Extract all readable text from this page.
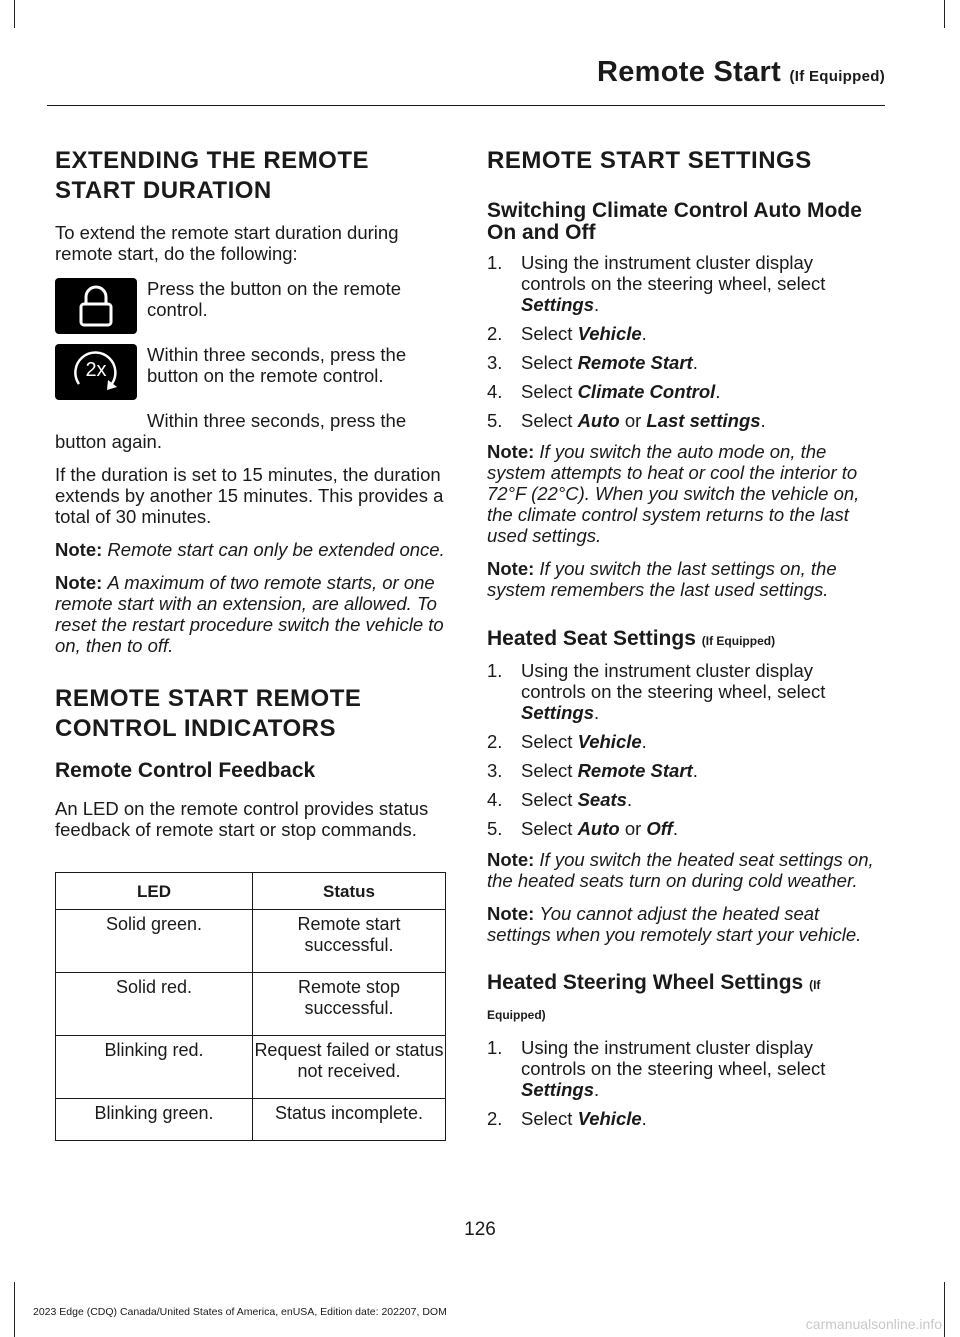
Remote Start (If Equipped)
EXTENDING THE REMOTE
START DURATION

To extend the remote start duration during remote start, do the following:

Press the button on the remote control.

2x

Within three seconds, press the button on the remote control.

Within three seconds, press the button again.

If the duration is set to 15 minutes, the duration extends by another 15 minutes. This provides a total of 30 minutes.

Note: Remote start can only be extended once.

Note: A maximum of two remote starts, or one remote start with an extension, are allowed. To reset the restart procedure switch the vehicle to on, then to off.

REMOTE START REMOTE
CONTROL INDICATORS
Remote Control Feedback

An LED on the remote control provides status feedback of remote start or stop commands.

LED	Status
Solid green.	Remote start successful.
Solid red.	Remote stop successful.
Blinking red.	Request failed or status not received.
Blinking green.	Status incomplete.
REMOTE START SETTINGS
Switching Climate Control Auto Mode On and Off
1. Using the instrument cluster display controls on the steering wheel, select Settings.
2. Select Vehicle.
3. Select Remote Start.
4. Select Climate Control.
5. Select Auto or Last settings.

Note: If you switch the auto mode on, the system attempts to heat or cool the interior to 72°F (22°C). When you switch the vehicle on, the climate control system returns to the last used settings.

Note: If you switch the last settings on, the system remembers the last used settings.

Heated Seat Settings (If Equipped)
1. Using the instrument cluster display controls on the steering wheel, select Settings.
2. Select Vehicle.
3. Select Remote Start.
4. Select Seats.
5. Select Auto or Off.

Note: If you switch the heated seat settings on, the heated seats turn on during cold weather.

Note: You cannot adjust the heated seat settings when you remotely start your vehicle.

Heated Steering Wheel Settings (If
Equipped)
1. Using the instrument cluster display controls on the steering wheel, select Settings.
2. Select Vehicle.
126
2023 Edge (CDQ) Canada/United States of America, enUSA, Edition date: 202207, DOM
carmanualsonline.info
